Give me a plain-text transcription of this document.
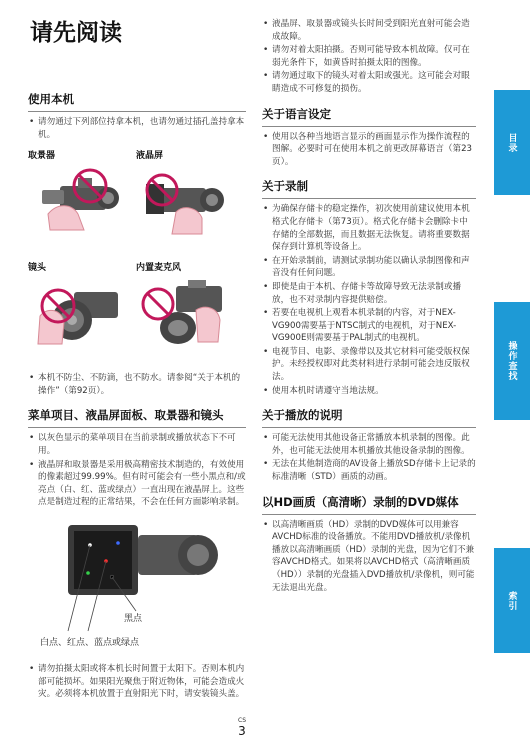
请先阅读
使用本机
• 请勿通过下列部位持拿本机，也请勿通过插孔盖持拿本机。
取景器	液晶屏
镜头	内置麦克风
• 本机不防尘、不防滴，也不防水。请参阅“关于本机的操作”（第92页）。
菜单项目、液晶屏面板、取景器和镜头
• 以灰色显示的菜单项目在当前录制或播放状态下不可用。
• 液晶屏和取景器是采用极高精密技术制造的，有效使用的像素超过99.99%。但有时可能会有一些小黑点和/或亮点（白、红、蓝或绿点）一直出现在液晶屏上。这些点是制造过程的正常结果，不会在任何方面影响录制。
黑点
白点、红点、蓝点或绿点
• 请勿拍摄太阳或将本机长时间置于太阳下。否则本机内部可能损坏。如果阳光聚焦于附近物体，可能会造成火灾。必须将本机放置于直射阳光下时，请安装镜头盖。
• 液晶屏、取景器或镜头长时间受到阳光直射可能会造成故障。
• 请勿对着太阳拍摄。否则可能导致本机故障。仅可在弱光条件下，如黄昏时拍摄太阳的图像。
• 请勿通过取下的镜头对着太阳或强光。这可能会对眼睛造成不可修复的损伤。
关于语言设定
• 使用以各种当地语言显示的画面显示作为操作流程的图解。必要时可在使用本机之前更改屏幕语言（第23页）。
关于录制
• 为确保存储卡的稳定操作，初次使用前建议使用本机格式化存储卡（第73页）。格式化存储卡会删除卡中存储的全部数据，而且数据无法恢复。请将重要数据保存到计算机等设备上。
• 在开始录制前，请测试录制功能以确认录制图像和声音没有任何问题。
• 即使是由于本机、存储卡等故障导致无法录制或播放，也不对录制内容提供赔偿。
• 若要在电视机上观看本机录制的内容，对于NEX-VG900需要基于NTSC制式的电视机，对于NEX-VG900E则需要基于PAL制式的电视机。
• 电视节目、电影、录像带以及其它材料可能受版权保护。未经授权即对此类材料进行录制可能会违反版权法。
• 使用本机时请遵守当地法规。
关于播放的说明
• 可能无法使用其他设备正常播放本机录制的图像。此外，也可能无法使用本机播放其他设备录制的图像。
• 无法在其他制造商的AV设备上播放SD存储卡上记录的标准清晰（STD）画质的动画。
以HD画质（高清晰）录制的DVD媒体
• 以高清晰画质（HD）录制的DVD媒体可以用兼容AVCHD标准的设备播放。不能用DVD播放机/录像机播放以高清晰画质（HD）录制的光盘，因为它们不兼容AVCHD格式。如果将以AVCHD格式（高清晰画质（HD））录制的光盘插入DVD播放机/录像机，则可能无法退出光盘。
目录
操作查找
索引
CS
3
